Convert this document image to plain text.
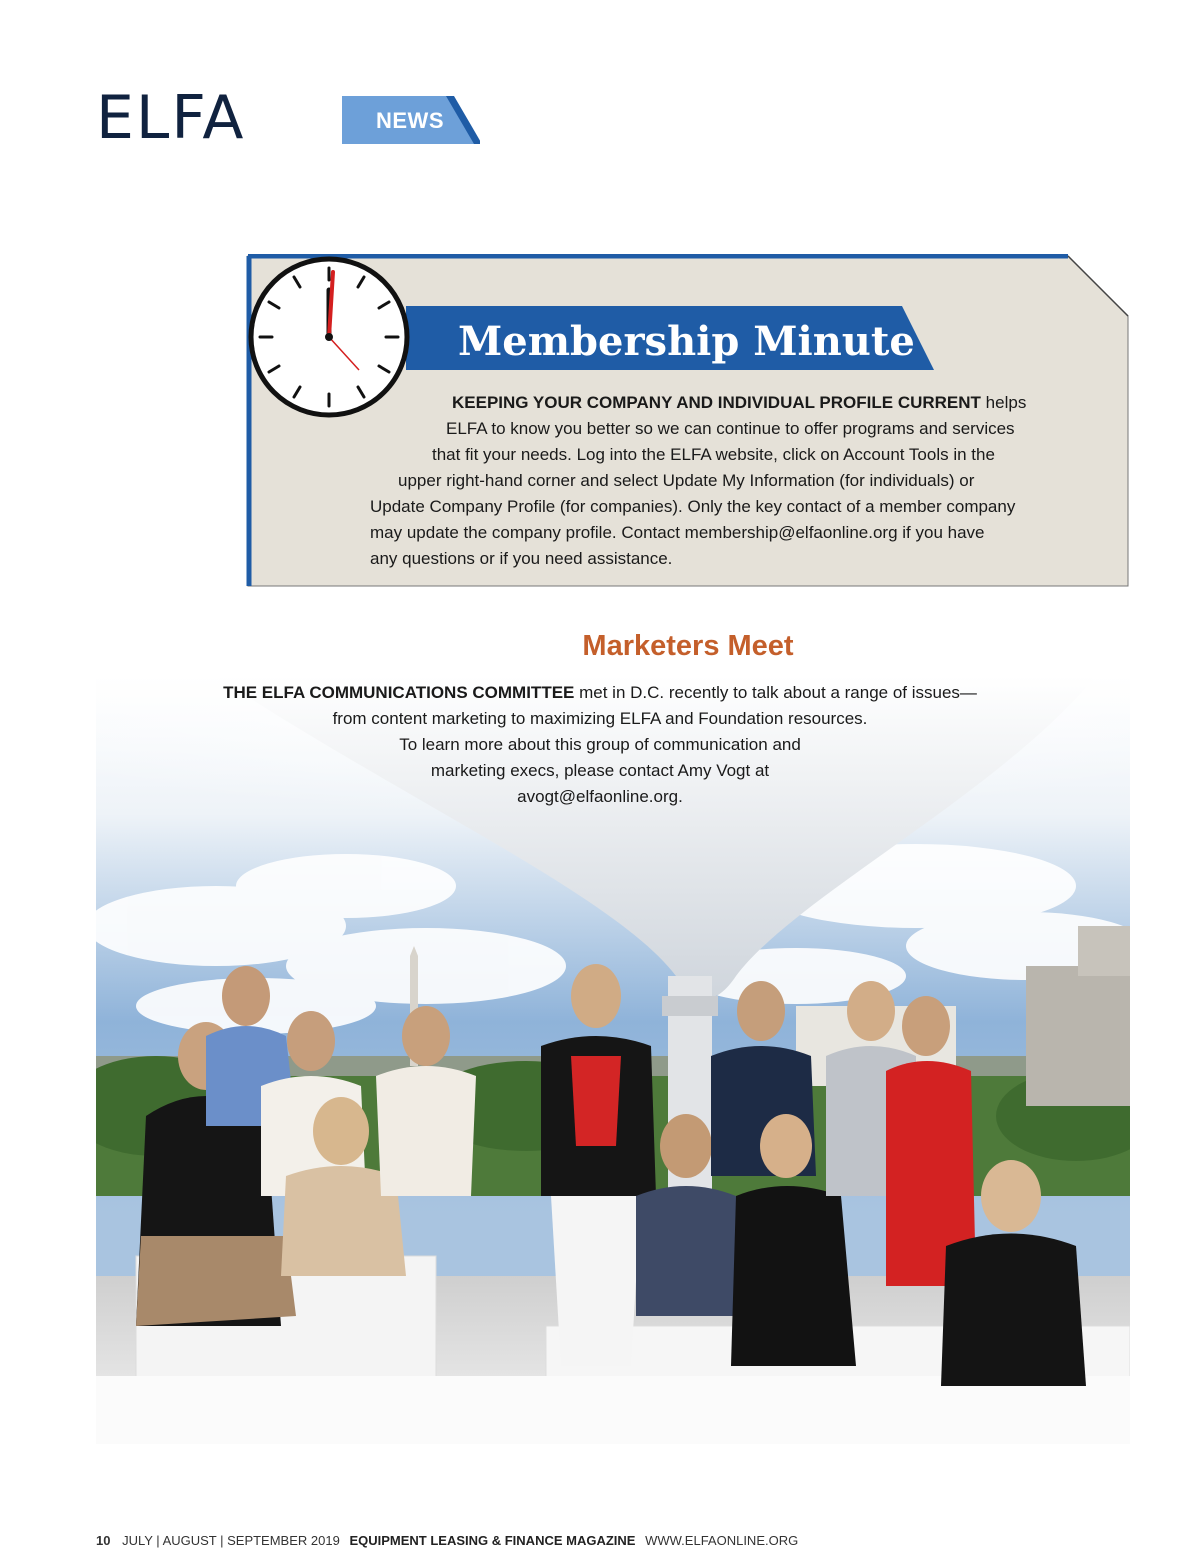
ELFA	NEWS
Membership Minute
KEEPING YOUR COMPANY AND INDIVIDUAL PROFILE CURRENT helps
ELFA to know you better so we can continue to offer programs and services
that fit your needs. Log into the ELFA website, click on Account Tools in the
upper right-hand corner and select Update My Information (for individuals) or
Update Company Profile (for companies). Only the key contact of a member company
may update the company profile. Contact membership@elfaonline.org if you have
any questions or if you need assistance.
Marketers Meet
THE ELFA COMMUNICATIONS COMMITTEE met in D.C. recently to talk about a range of issues—
from content marketing to maximizing ELFA and Foundation resources.
To learn more about this group of communication and
marketing execs, please contact Amy Vogt at
avogt@elfaonline.org.
10 JULY | AUGUST | SEPTEMBER 2019 EQUIPMENT LEASING & FINANCE MAGAZINE WWW.ELFAONLINE.ORG
